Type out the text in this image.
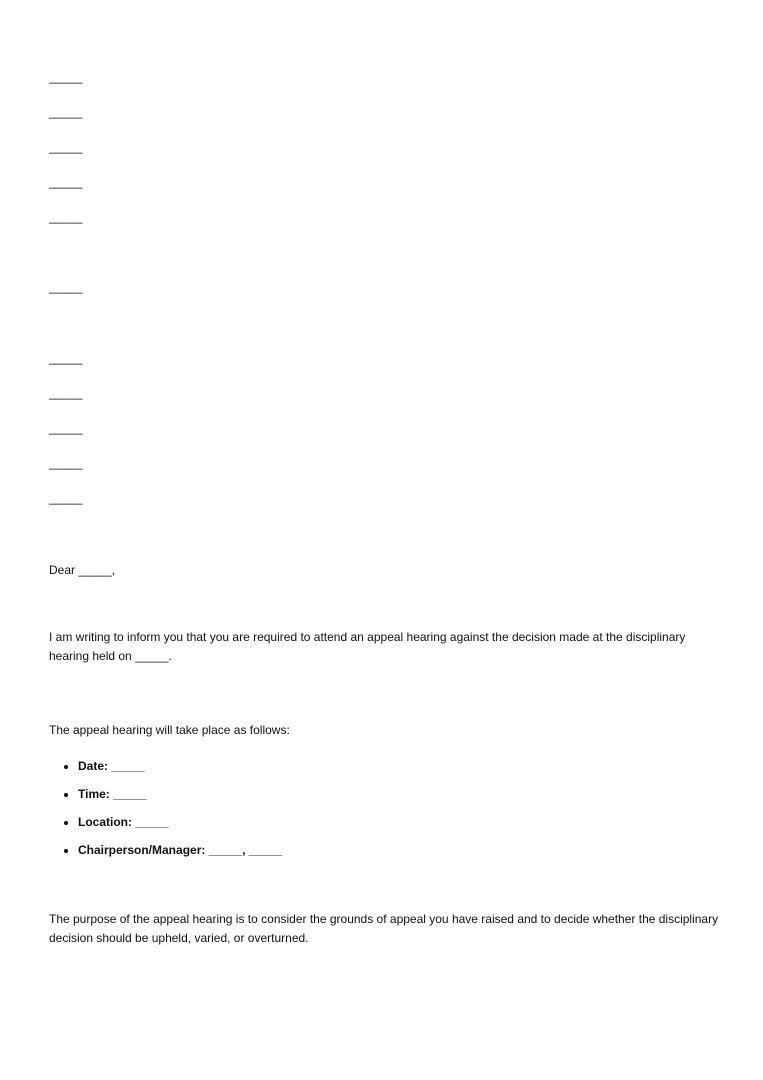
_____
_____
_____
_____
_____
_____
_____
_____
_____
_____
_____

Dear _____,

I am writing to inform you that you are required to attend an appeal hearing against the decision made at the disciplinary hearing held on _____.

The appeal hearing will take place as follows:

Date: _____
Time: _____
Location: _____
Chairperson/Manager: _____, _____

The purpose of the appeal hearing is to consider the grounds of appeal you have raised and to decide whether the disciplinary decision should be upheld, varied, or overturned.
